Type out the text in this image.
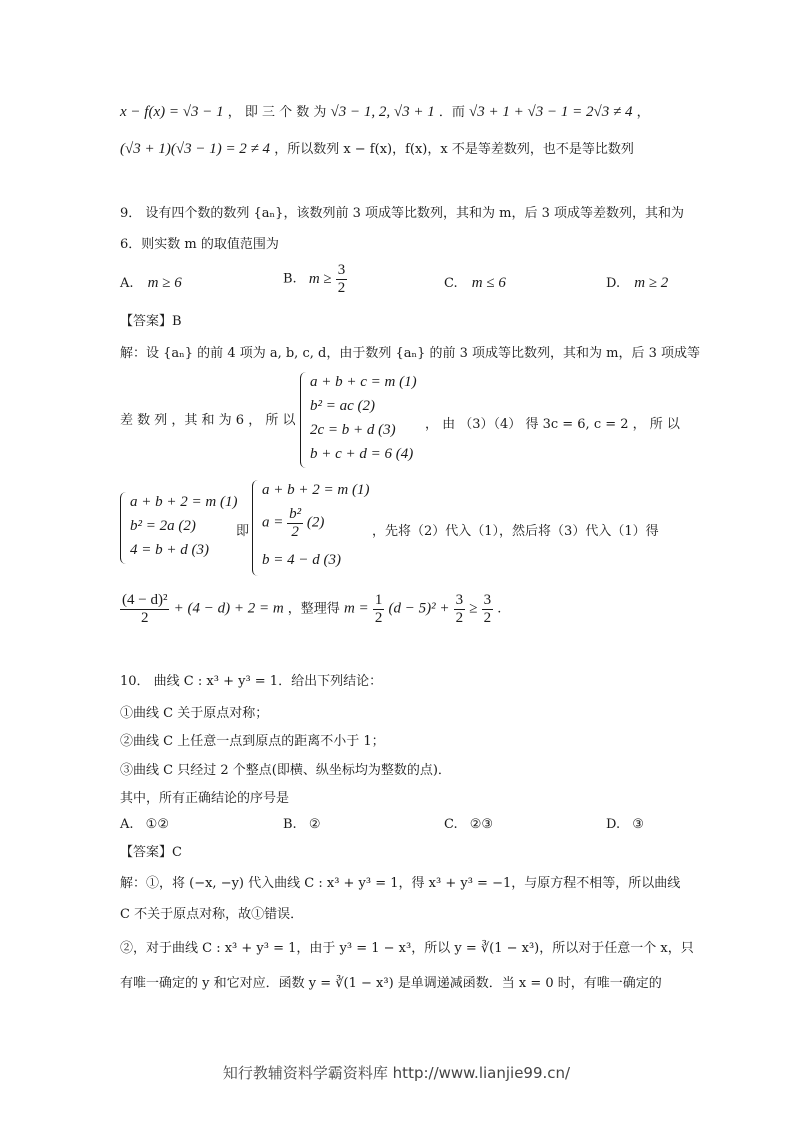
x − f(x) = √3 − 1 ， 即 三 个 数 为 √3 − 1, 2, √3 + 1 ．而 √3 + 1 + √3 − 1 = 2√3 ≠ 4 ，
(√3 + 1)(√3 − 1) = 2 ≠ 4 ，所以数列 x − f(x)，f(x)，x 不是等差数列，也不是等比数列
9． 设有四个数的数列 {aₙ}，该数列前 3 项成等比数列，其和为 m，后 3 项成等差数列，其和为
6．则实数 m 的取值范围为
A. m ≥ 6	B. $m \ge \frac{3}{2}$	C. m ≤ 6	D. m ≥ 2
【答案】B
解：设 {aₙ} 的前 4 项为 a, b, c, d，由于数列 {aₙ} 的前 3 项成等比数列，其和为 m，后 3 项成等
差 数 列 ，其 和 为 6 ， 所 以
a + b + c = m (1)
b² = ac (2)
2c = b + d (3)
b + c + d = 6 (4)
， 由 （3）（4） 得 3c = 6, c = 2 ， 所 以
a + b + 2 = m (1)
b² = 2a (2)
4 = b + d (3)
即
a + b + 2 = m (1)
$a = \frac{\text{b²}}{2} (2)$
b = 4 − d (3)
，先将（2）代入（1），然后将（3）代入（1）得
$\frac{\text{(4 − d)²}}{2} + (4 - d) + 2 = m$ ，整理得 $m = \frac{1}{2} (d - 5)^2 + \frac{3}{2} \ge \frac{3}{2}$ .
10． 曲线 C : x³ + y³ = 1．给出下列结论：
①曲线 C 关于原点对称；
②曲线 C 上任意一点到原点的距离不小于 1；
③曲线 C 只经过 2 个整点(即横、纵坐标均为整数的点)．
其中，所有正确结论的序号是
A. ①②	B. ②	C. ②③	D. ③
【答案】C
解：①，将 (−x, −y) 代入曲线 C : x³ + y³ = 1，得 x³ + y³ = −1，与原方程不相等，所以曲线
C 不关于原点对称，故①错误．
②，对于曲线 C : x³ + y³ = 1，由于 y³ = 1 − x³，所以 y = ∛(1 − x³)，所以对于任意一个 x，只
有唯一确定的 y 和它对应．函数 y = ∛(1 − x³) 是单调递减函数．当 x = 0 时，有唯一确定的
知行教辅资料学霸资料库 http://www.lianjie99.cn/
